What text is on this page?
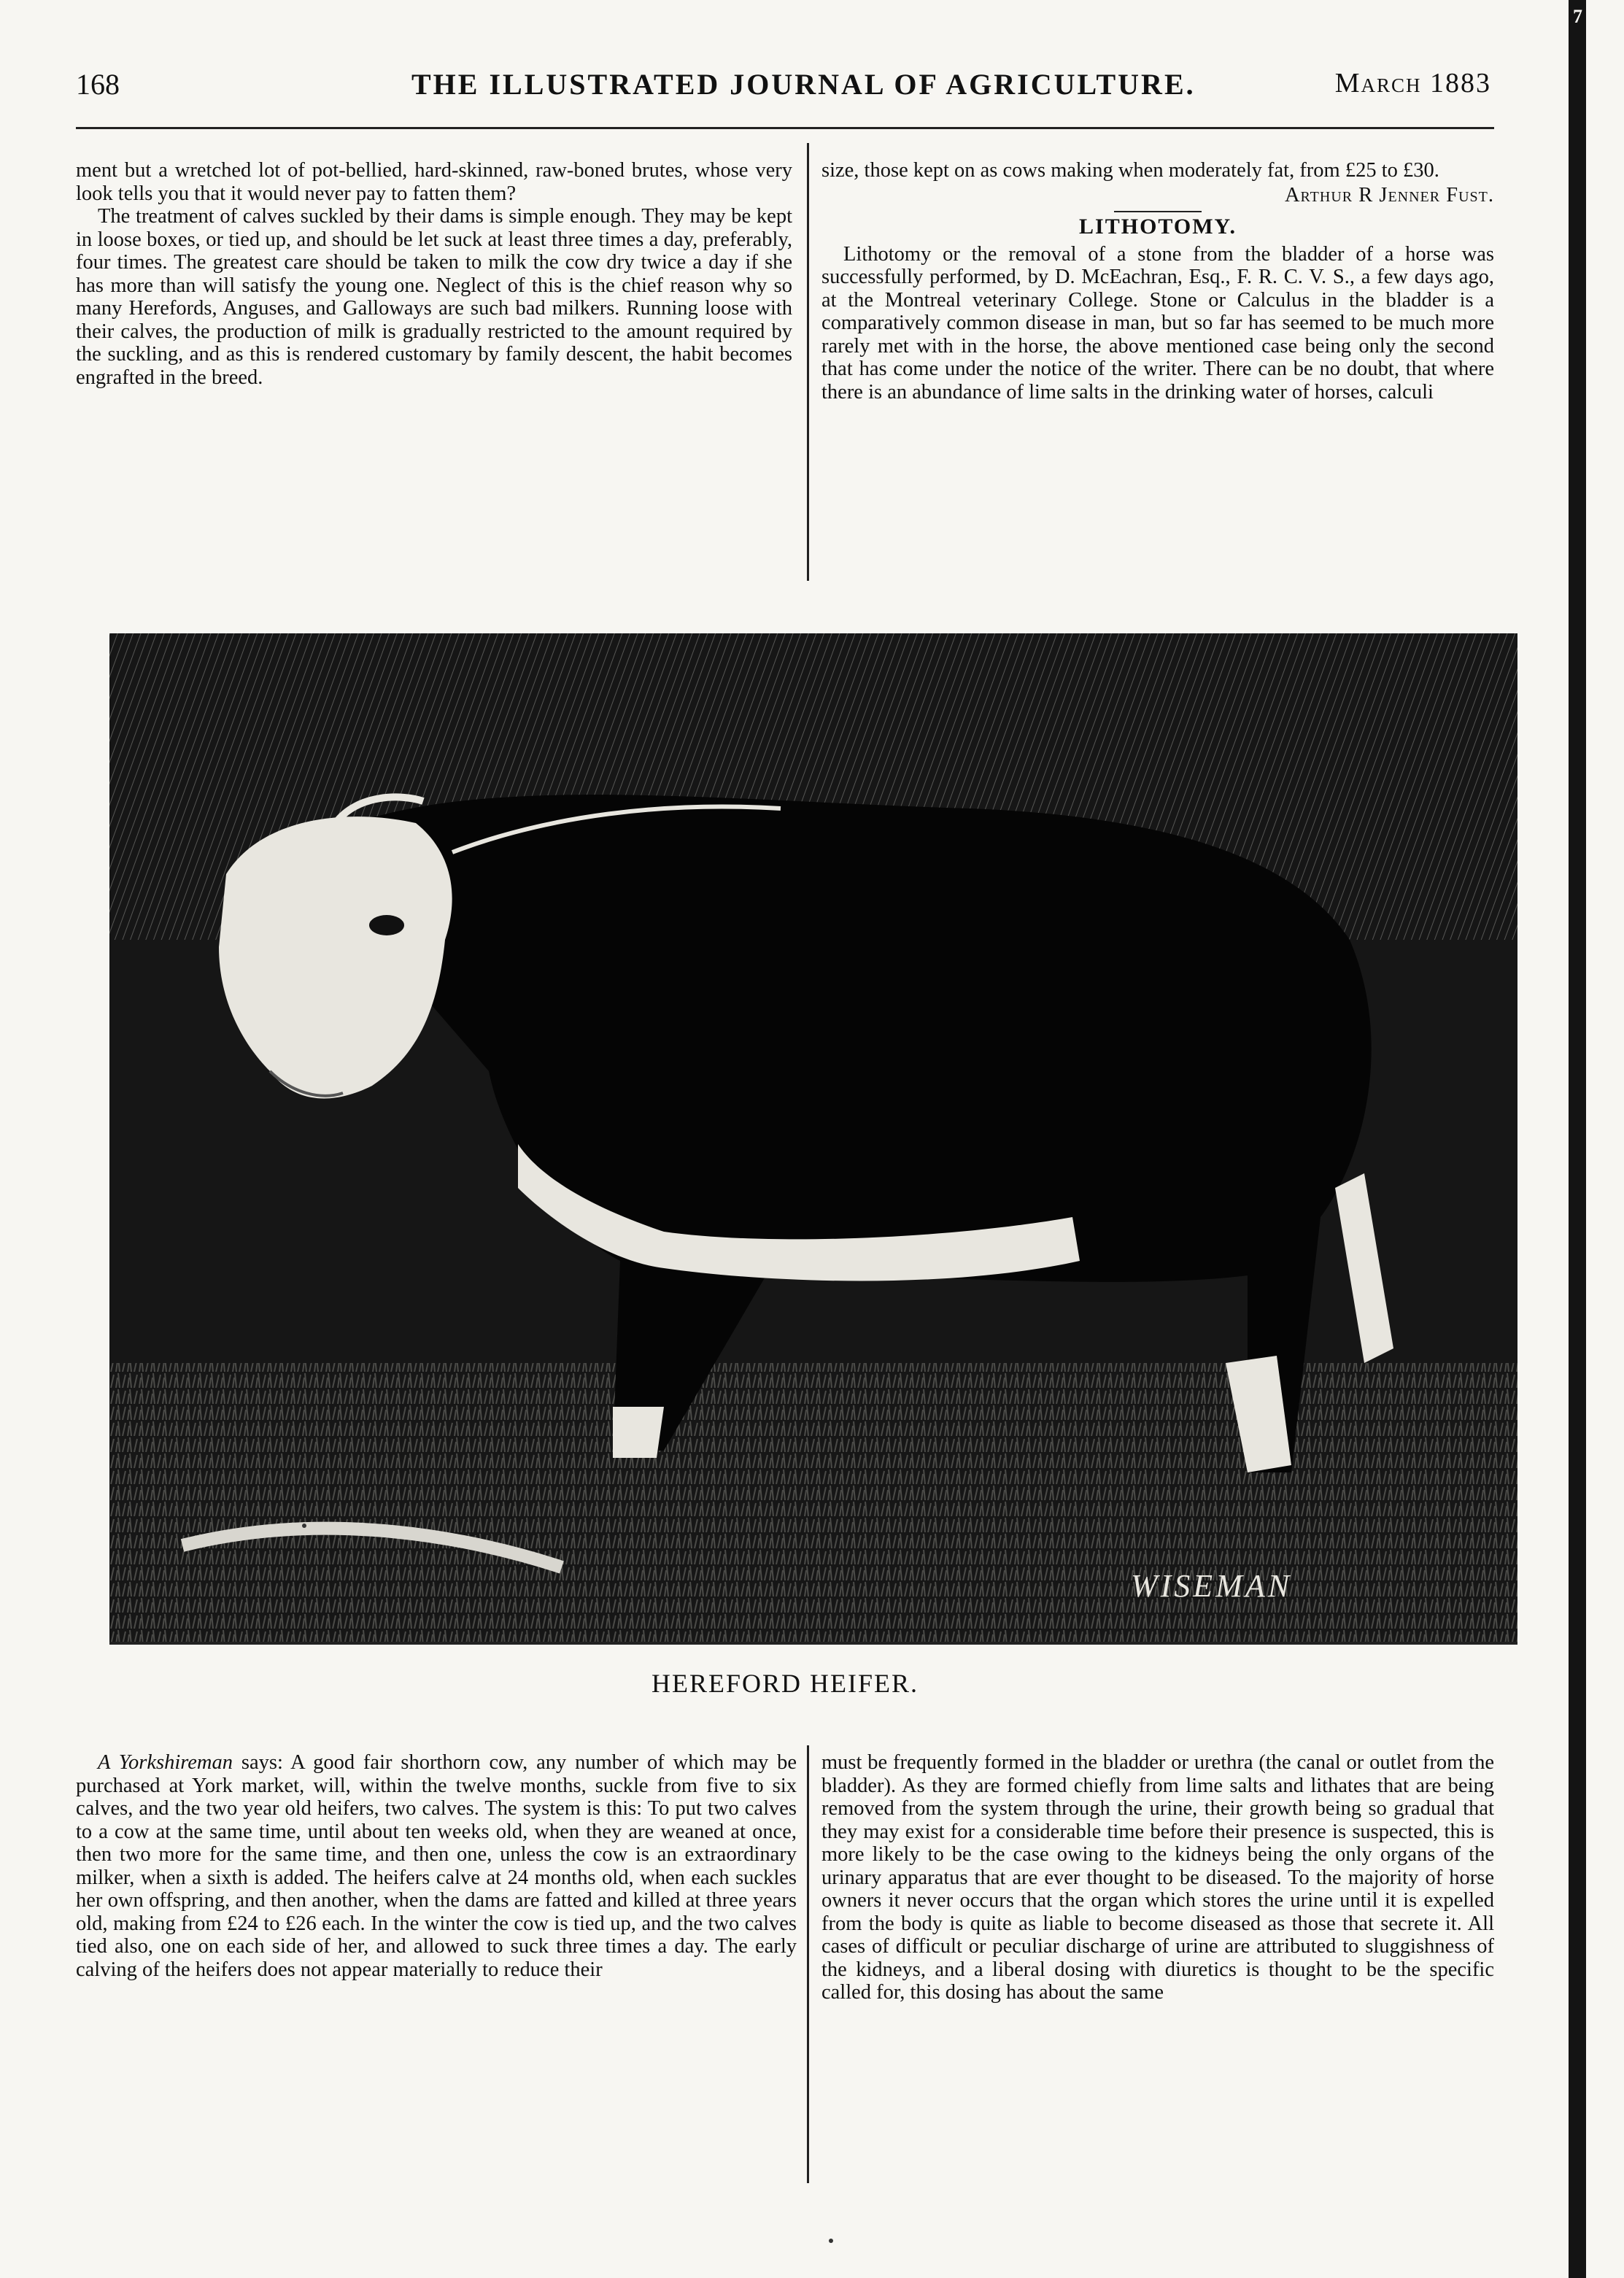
7
168	THE ILLUSTRATED JOURNAL OF AGRICULTURE.	March 1883

ment but a wretched lot of pot-bellied, hard-skinned, raw-boned brutes, whose very look tells you that it would never pay to fatten them?

The treatment of calves suckled by their dams is simple enough. They may be kept in loose boxes, or tied up, and should be let suck at least three times a day, preferably, four times. The greatest care should be taken to milk the cow dry twice a day if she has more than will satisfy the young one. Neglect of this is the chief reason why so many Herefords, Anguses, and Galloways are such bad milkers. Running loose with their calves, the production of milk is gradually restricted to the amount required by the suckling, and as this is rendered customary by family descent, the habit becomes engrafted in the breed.

size, those kept on as cows making when moderately fat, from £25 to £30.

Arthur R Jenner Fust.
LITHOTOMY.

Lithotomy or the removal of a stone from the bladder of a horse was successfully performed, by D. McEachran, Esq., F. R. C. V. S., a few days ago, at the Montreal veterinary College. Stone or Calculus in the bladder is a comparatively common disease in man, but so far has seemed to be much more rarely met with in the horse, the above mentioned case being only the second that has come under the notice of the writer. There can be no doubt, that where there is an abundance of lime salts in the drinking water of horses, calculi

WISEMAN
HEREFORD HEIFER.

A Yorkshireman says: A good fair shorthorn cow, any number of which may be purchased at York market, will, within the twelve months, suckle from five to six calves, and the two year old heifers, two calves. The system is this: To put two calves to a cow at the same time, until about ten weeks old, when they are weaned at once, then two more for the same time, and then one, unless the cow is an extraordinary milker, when a sixth is added. The heifers calve at 24 months old, when each suckles her own offspring, and then another, when the dams are fatted and killed at three years old, making from £24 to £26 each. In the winter the cow is tied up, and the two calves tied also, one on each side of her, and allowed to suck three times a day. The early calving of the heifers does not appear materially to reduce their

must be frequently formed in the bladder or urethra (the canal or outlet from the bladder). As they are formed chiefly from lime salts and lithates that are being removed from the system through the urine, their growth being so gradual that they may exist for a considerable time before their presence is suspected, this is more likely to be the case owing to the kidneys being the only organs of the urinary apparatus that are ever thought to be diseased. To the majority of horse owners it never occurs that the organ which stores the urine until it is expelled from the body is quite as liable to become diseased as those that secrete it. All cases of difficult or peculiar discharge of urine are attributed to sluggishness of the kidneys, and a liberal dosing with diuretics is thought to be the specific called for, this dosing has about the same
